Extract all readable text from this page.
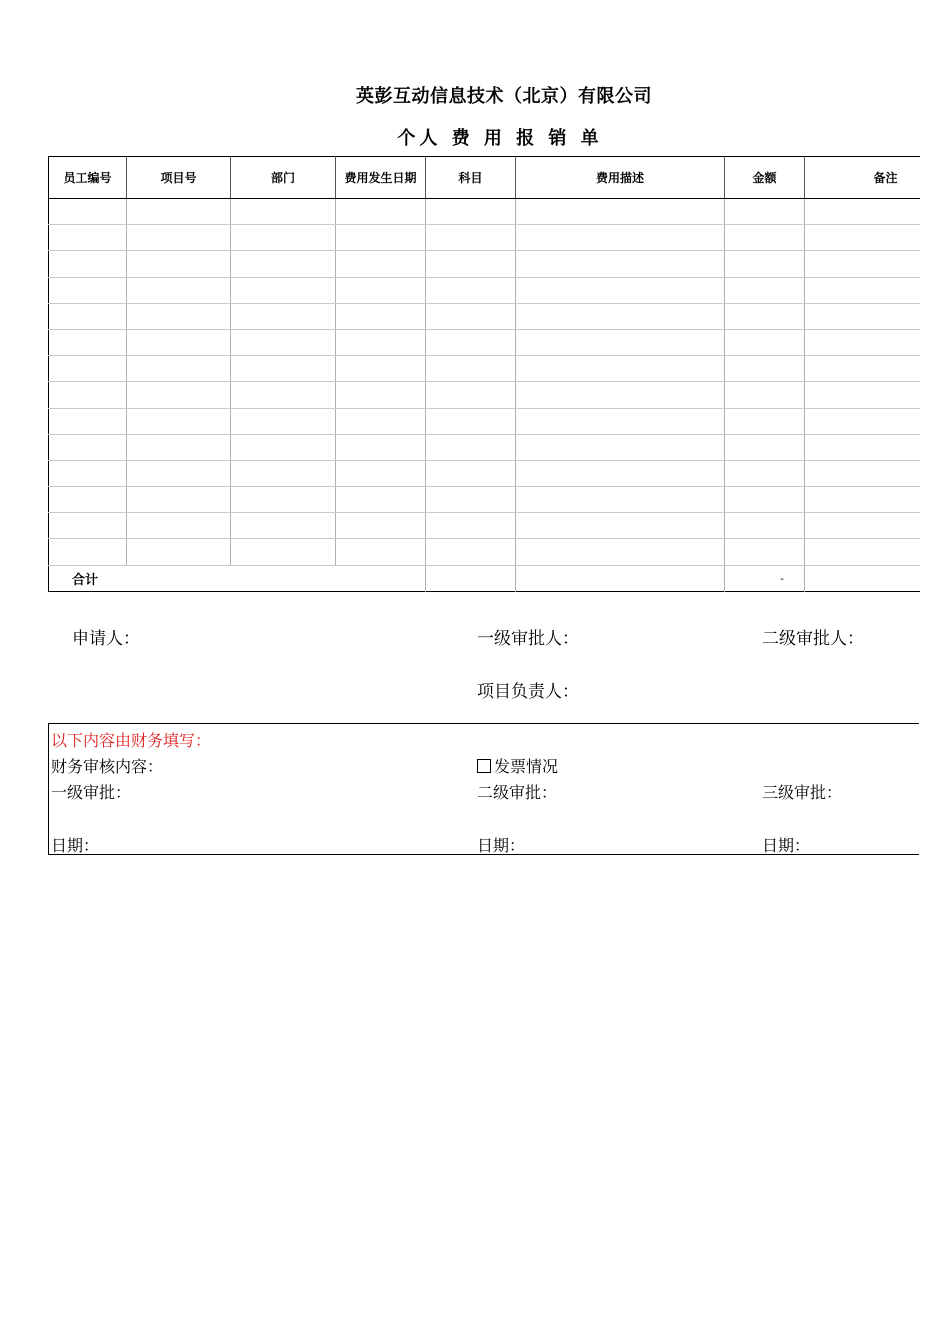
英彭互动信息技术（北京）有限公司
个人 费 用 报 销 单
员工编号	项目号	部门	费用发生日期	科目	费用描述	金额	备注

合计						-	
申请人：	一级审批人：	二级审批人：
项目负责人：
以下内容由财务填写：
财务审核内容：	发票情况
一级审批：	二级审批：	三级审批：
日期：	日期：	日期：
